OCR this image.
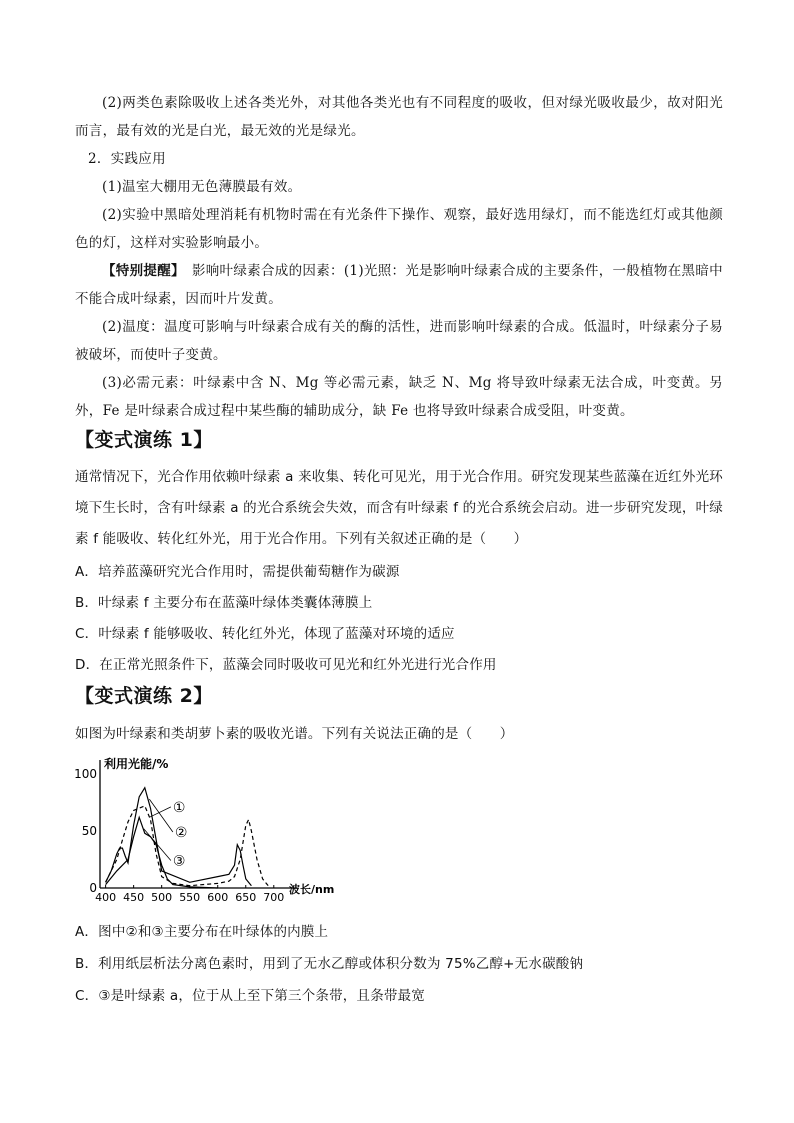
(2)两类色素除吸收上述各类光外，对其他各类光也有不同程度的吸收，但对绿光吸收最少，故对阳光而言，最有效的光是白光，最无效的光是绿光。

2．实践应用

(1)温室大棚用无色薄膜最有效。

(2)实验中黑暗处理消耗有机物时需在有光条件下操作、观察，最好选用绿灯，而不能选红灯或其他颜色的灯，这样对实验影响最小。

【特别提醒】　 影响叶绿素合成的因素：(1)光照：光是影响叶绿素合成的主要条件，一般植物在黑暗中不能合成叶绿素，因而叶片发黄。

(2)温度：温度可影响与叶绿素合成有关的酶的活性，进而影响叶绿素的合成。低温时，叶绿素分子易被破坏，而使叶子变黄。

(3)必需元素：叶绿素中含 N、Mg 等必需元素，缺乏 N、Mg 将导致叶绿素无法合成，叶变黄。另外，Fe 是叶绿素合成过程中某些酶的辅助成分，缺 Fe 也将导致叶绿素合成受阻，叶变黄。

【变式演练 1】

通常情况下，光合作用依赖叶绿素 a 来收集、转化可见光，用于光合作用。研究发现某些蓝藻在近红外光环境下生长时，含有叶绿素 a 的光合系统会失效，而含有叶绿素 f 的光合系统会启动。进一步研究发现，叶绿素 f 能吸收、转化红外光，用于光合作用。下列有关叙述正确的是（　　）

A．培养蓝藻研究光合作用时，需提供葡萄糖作为碳源

B．叶绿素 f 主要分布在蓝藻叶绿体类囊体薄膜上

C．叶绿素 f 能够吸收、转化红外光，体现了蓝藻对环境的适应

D．在正常光照条件下，蓝藻会同时吸收可见光和红外光进行光合作用

【变式演练 2】

如图为叶绿素和类胡萝卜素的吸收光谱。下列有关说法正确的是（　　）

100
50
0
400 450 500 550 600 650 700
利用光能/%
波长/nm
①
②
③

A．图中②和③主要分布在叶绿体的内膜上

B．利用纸层析法分离色素时，用到了无水乙醇或体积分数为 75%乙醇+无水碳酸钠

C．③是叶绿素 a，位于从上至下第三个条带，且条带最宽
